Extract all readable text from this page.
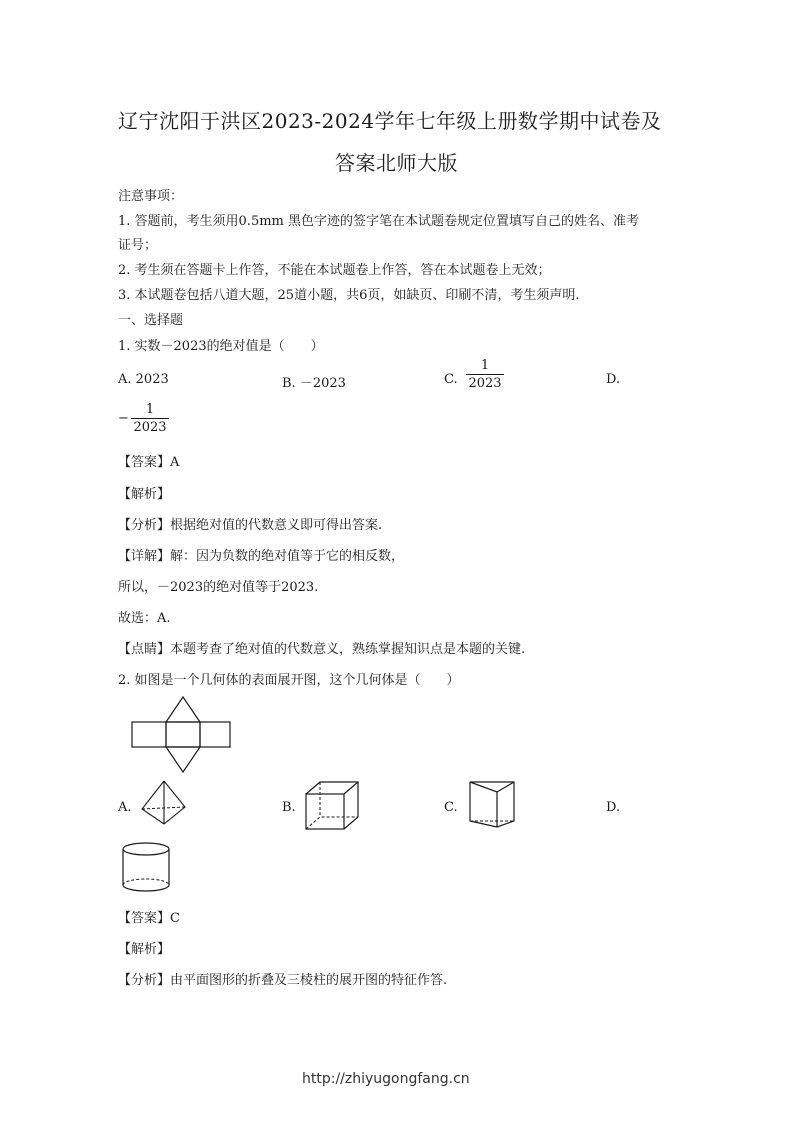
辽宁沈阳于洪区2023-2024学年七年级上册数学期中试卷及
答案北师大版
注意事项：
1. 答题前，考生须用0.5mm 黑色字迹的签字笔在本试题卷规定位置填写自己的姓名、准考
证号；
2. 考生须在答题卡上作答，不能在本试题卷上作答，答在本试题卷上无效；
3. 本试题卷包括八道大题，25道小题，共6页，如缺页、印刷不清，考生须声明.
一、选择题
1. 实数－2023的绝对值是（　　）
A. 2023	B. －2023	C.
1
2023	D.
−
1
2023
【答案】A
【解析】
【分析】根据绝对值的代数意义即可得出答案.
【详解】解：因为负数的绝对值等于它的相反数，
所以，－2023的绝对值等于2023.
故选：A.
【点睛】本题考查了绝对值的代数意义，熟练掌握知识点是本题的关键.
2. 如图是一个几何体的表面展开图，这个几何体是（　　）
A.	B.	C.	D.
【答案】C
【解析】
【分析】由平面图形的折叠及三棱柱的展开图的特征作答.
http://zhiyugongfang.cn
